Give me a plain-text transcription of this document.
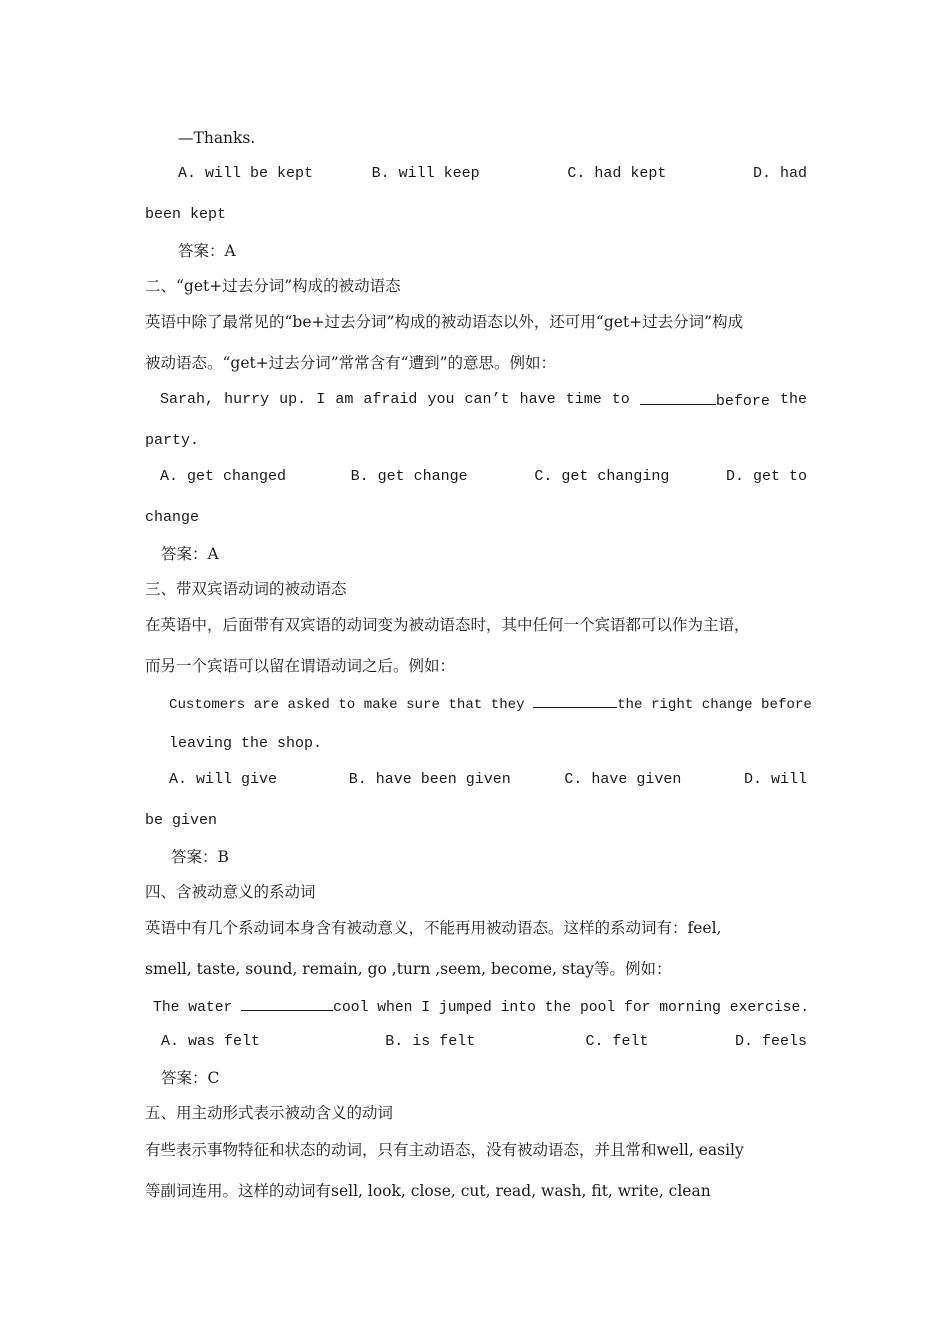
—Thanks.
A. will be kept	B. will keep	C. had kept	D. had
been kept
答案：A
二、“get+过去分词”构成的被动语态
英语中除了最常见的“be+过去分词”构成的被动语态以外，还可用“get+过去分词”构成
被动语态。“get+过去分词”常常含有“遭到”的意思。例如：
Sarah, hurry up. I am afraid you can’t have time to	before the
party.
A. get changed	B. get change	C. get changing	D. get to
change
答案：A
三、带双宾语动词的被动语态
在英语中，后面带有双宾语的动词变为被动语态时，其中任何一个宾语都可以作为主语，
而另一个宾语可以留在谓语动词之后。例如：
Customers are asked to make sure that they	the right change before
leaving the shop.
A. will give	B. have been given	C. have given	D. will
be given
答案：B
四、含被动意义的系动词
英语中有几个系动词本身含有被动意义，不能再用被动语态。这样的系动词有：feel,
smell, taste, sound, remain, go ,turn ,seem, become, stay等。例如：
The water	cool when I jumped into the pool for morning exercise.
A. was felt	B. is felt	C. felt	D. feels
答案：C
五、用主动形式表示被动含义的动词
有些表示事物特征和状态的动词，只有主动语态，没有被动语态，并且常和well, easily
等副词连用。这样的动词有sell, look, close, cut, read, wash, fit, write, clean
